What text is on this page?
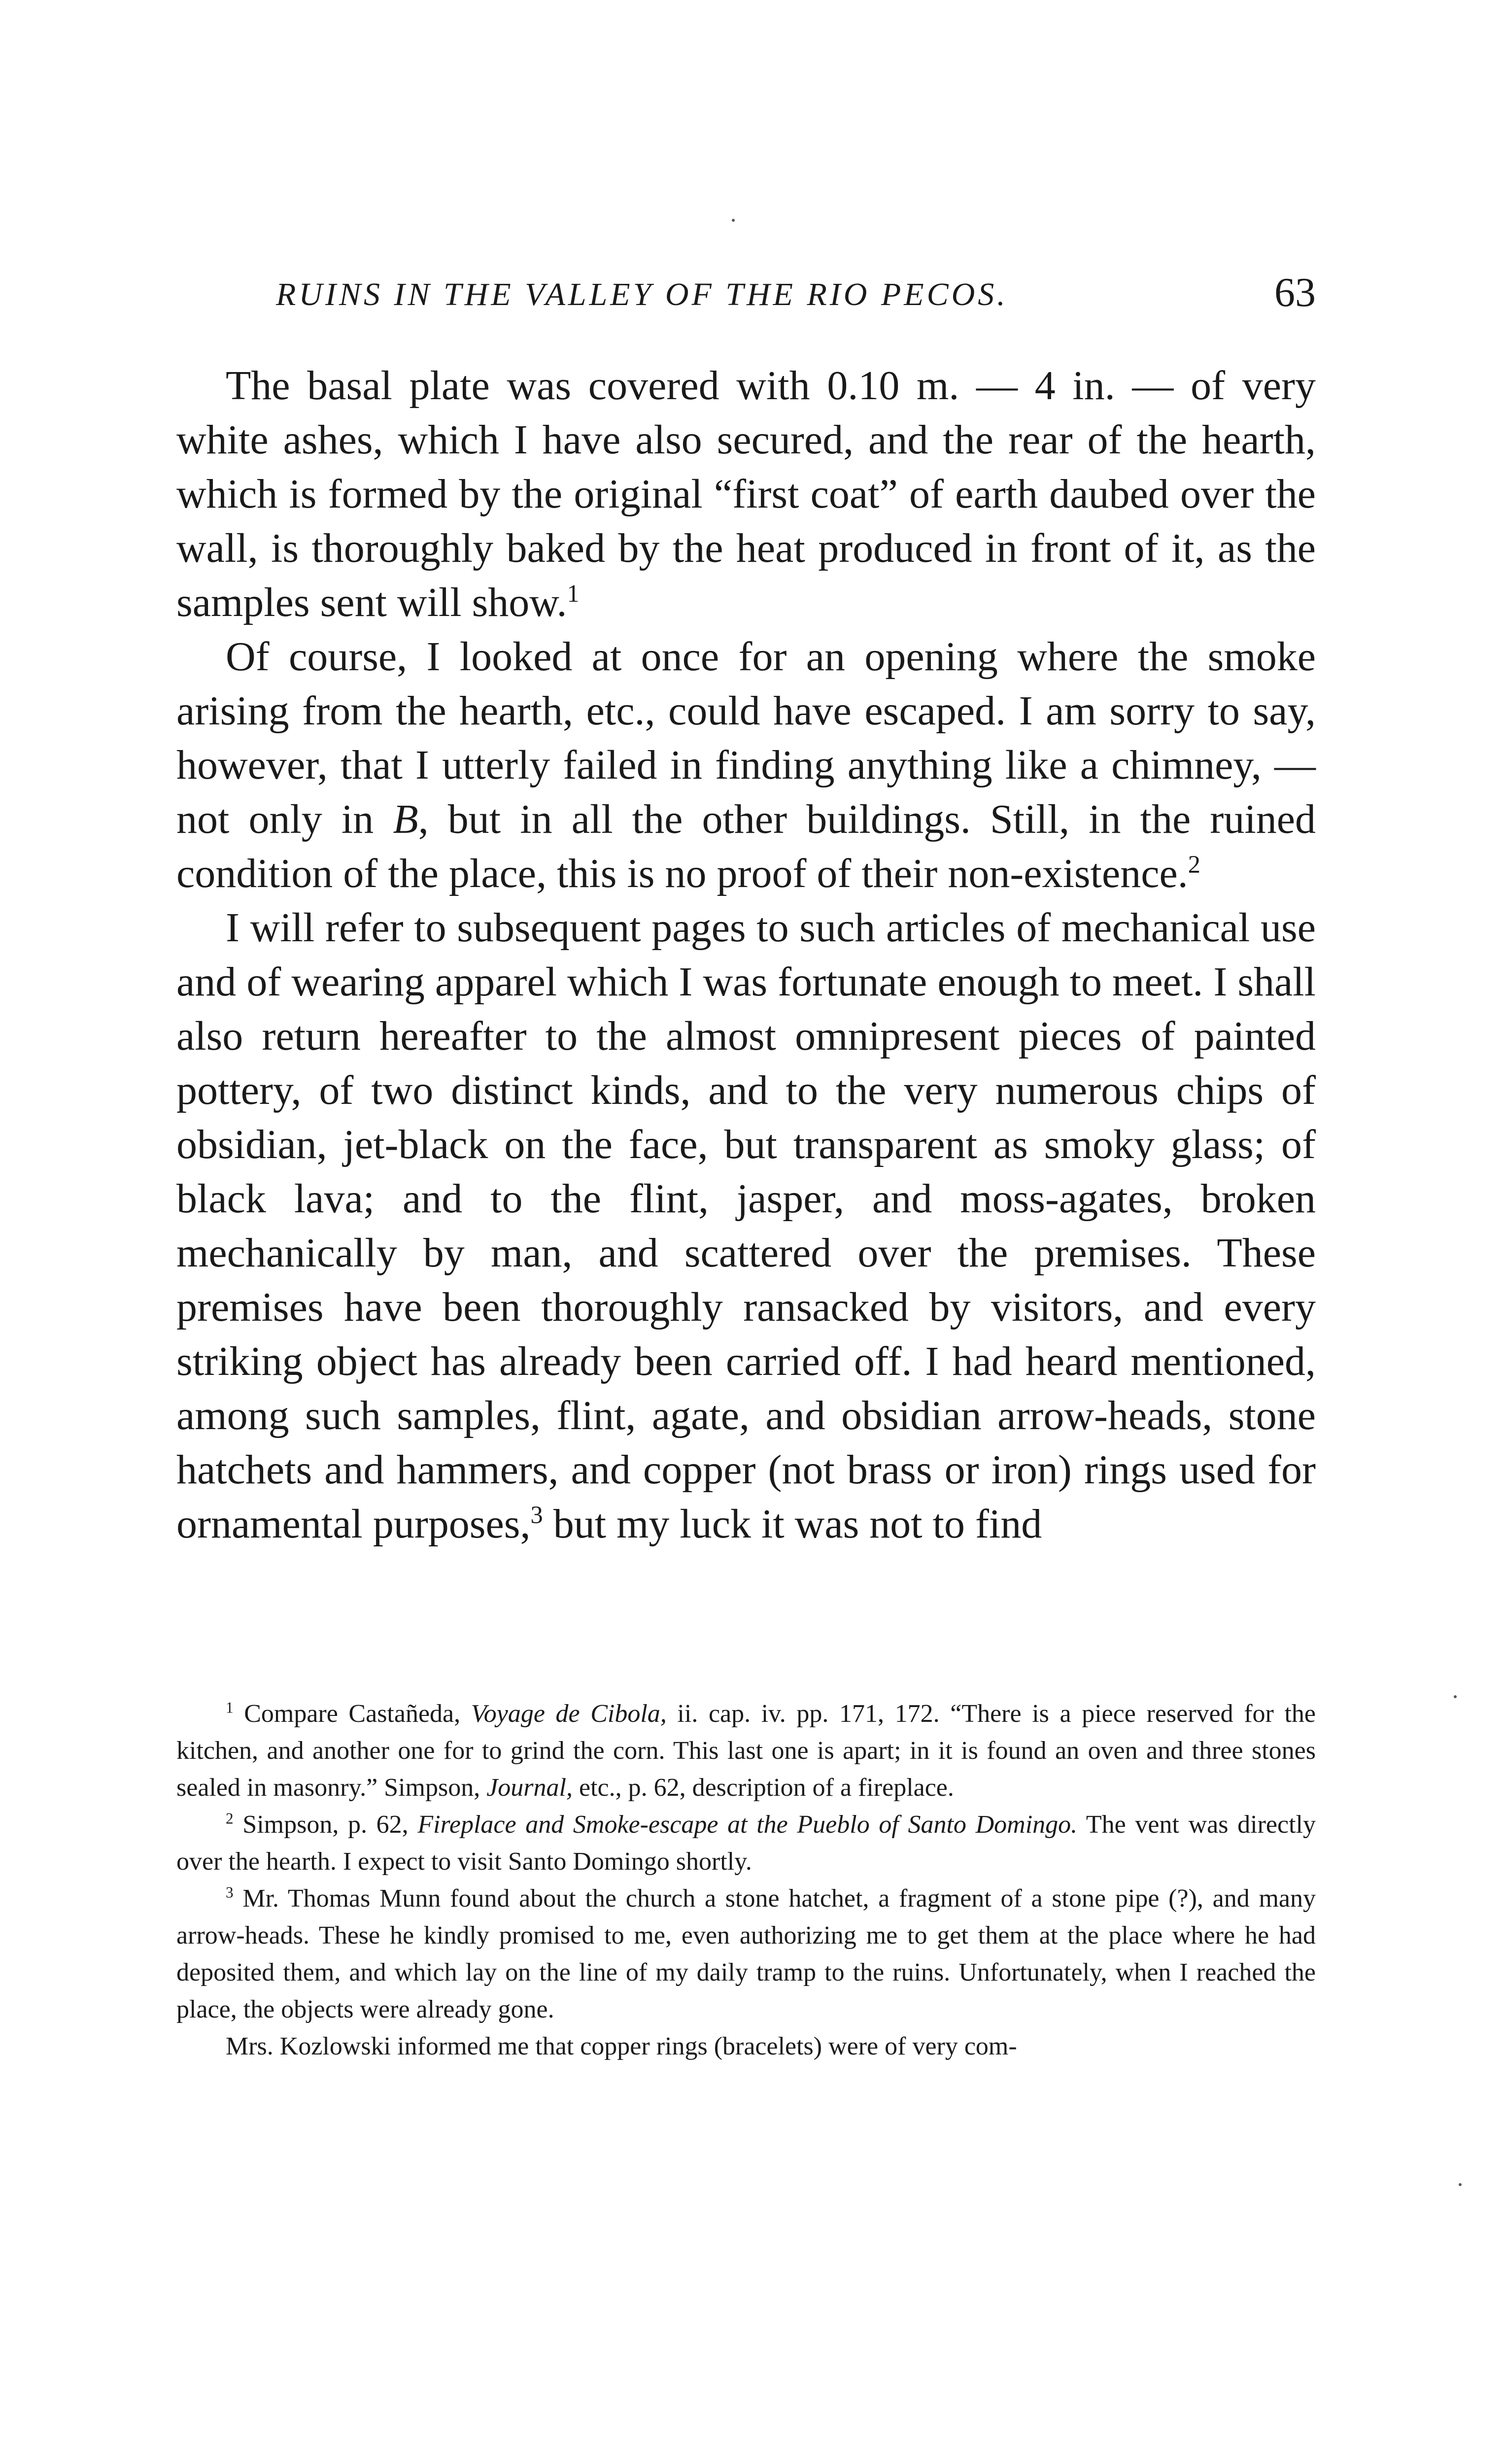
RUINS IN THE VALLEY OF THE RIO PECOS.	63

The basal plate was covered with 0.10 m. — 4 in. — of very white ashes, which I have also secured, and the rear of the hearth, which is formed by the original “first coat” of earth daubed over the wall, is thoroughly baked by the heat produced in front of it, as the samples sent will show.$^1$

Of course, I looked at once for an opening where the smoke arising from the hearth, etc., could have escaped. I am sorry to say, however, that I utterly failed in finding anything like a chimney, — not only in B, but in all the other buildings. Still, in the ruined condition of the place, this is no proof of their non-existence.$^2$

I will refer to subsequent pages to such articles of mechanical use and of wearing apparel which I was fortunate enough to meet. I shall also return hereafter to the almost omnipresent pieces of painted pottery, of two distinct kinds, and to the very numerous chips of obsidian, jet-black on the face, but transparent as smoky glass; of black lava; and to the flint, jasper, and moss-agates, broken mechanically by man, and scattered over the premises. These premises have been thoroughly ransacked by visitors, and every striking object has already been carried off. I had heard mentioned, among such samples, flint, agate, and obsidian arrow-heads, stone hatchets and hammers, and copper (not brass or iron) rings used for ornamental purposes,$^3$ but my luck it was not to find

$^1$ Compare Castañeda, Voyage de Cibola, ii. cap. iv. pp. 171, 172. “There is a piece reserved for the kitchen, and another one for to grind the corn. This last one is apart; in it is found an oven and three stones sealed in masonry.” Simpson, Journal, etc., p. 62, description of a fireplace.

$^2$ Simpson, p. 62, Fireplace and Smoke-escape at the Pueblo of Santo Domingo. The vent was directly over the hearth. I expect to visit Santo Domingo shortly.

$^3$ Mr. Thomas Munn found about the church a stone hatchet, a fragment of a stone pipe (?), and many arrow-heads. These he kindly promised to me, even authorizing me to get them at the place where he had deposited them, and which lay on the line of my daily tramp to the ruins. Unfortunately, when I reached the place, the objects were already gone.

Mrs. Kozlowski informed me that copper rings (bracelets) were of very com-
